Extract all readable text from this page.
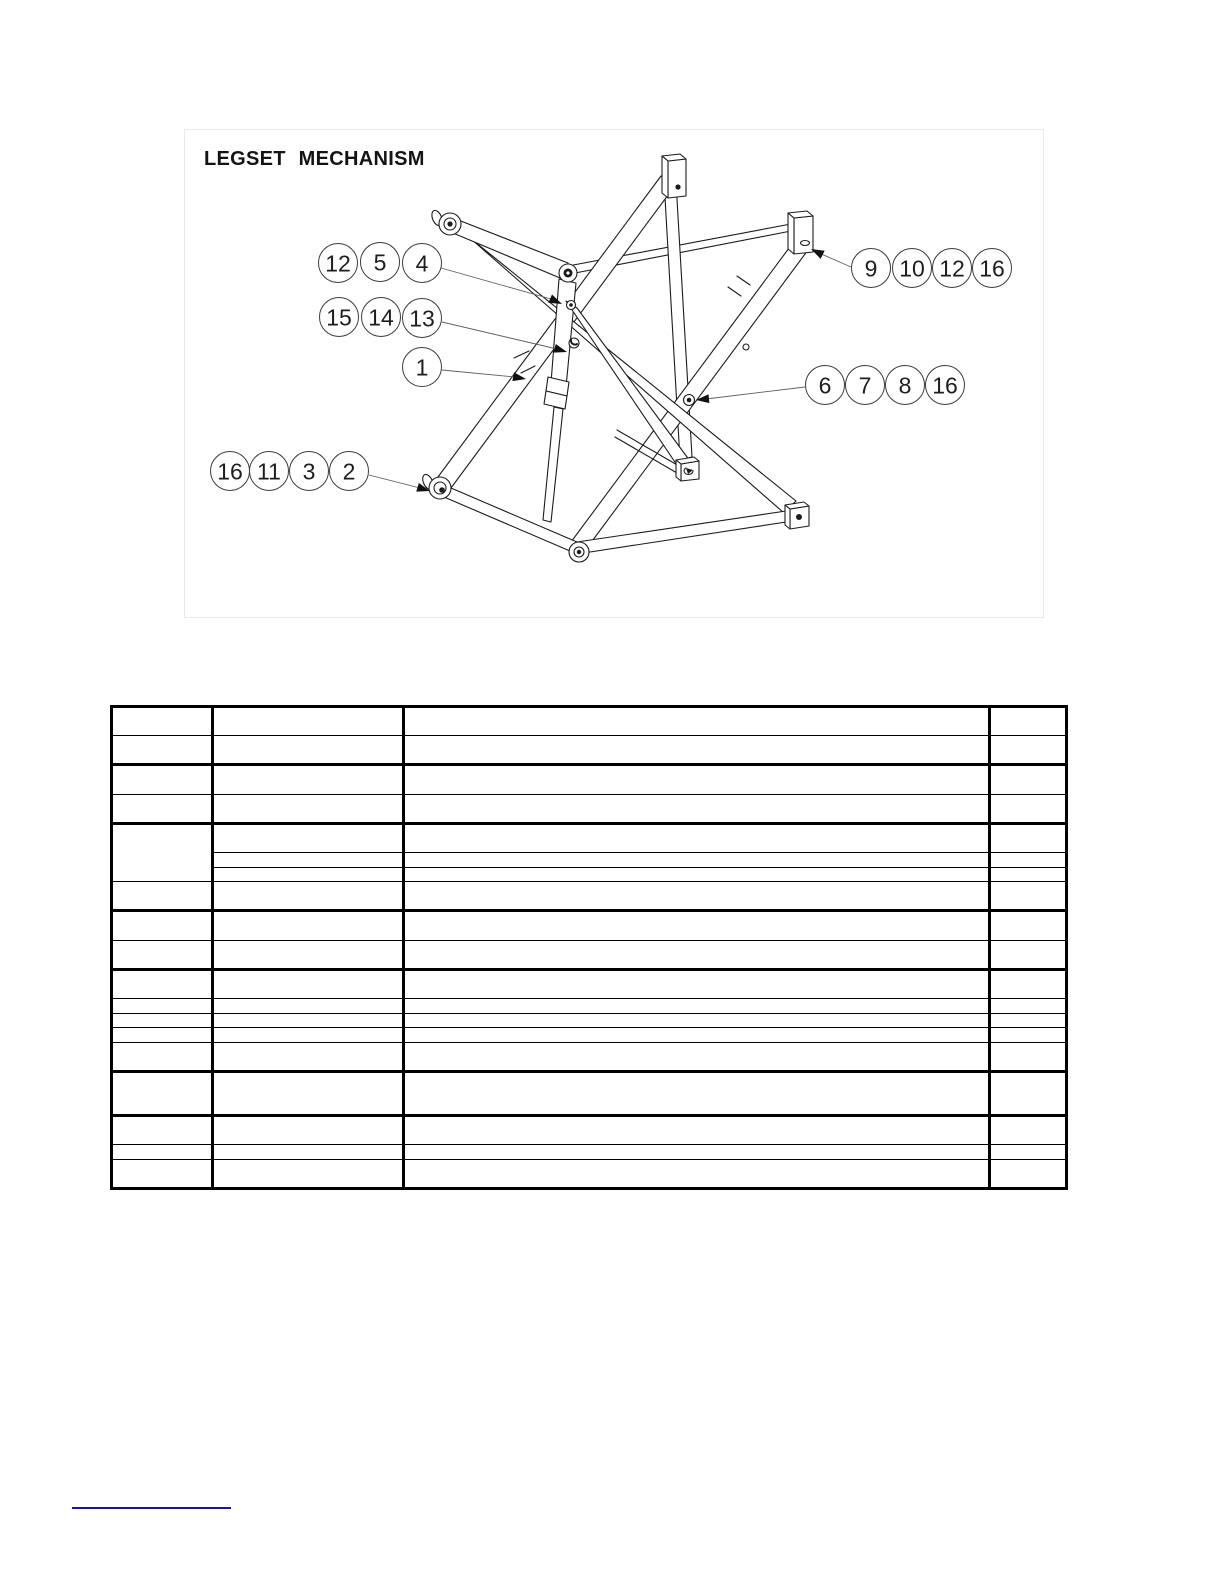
LEGSET MECHANISM
12 5 4
15 14 13
1
9 10 12 16
6 7 8 16
16 11 3 2
